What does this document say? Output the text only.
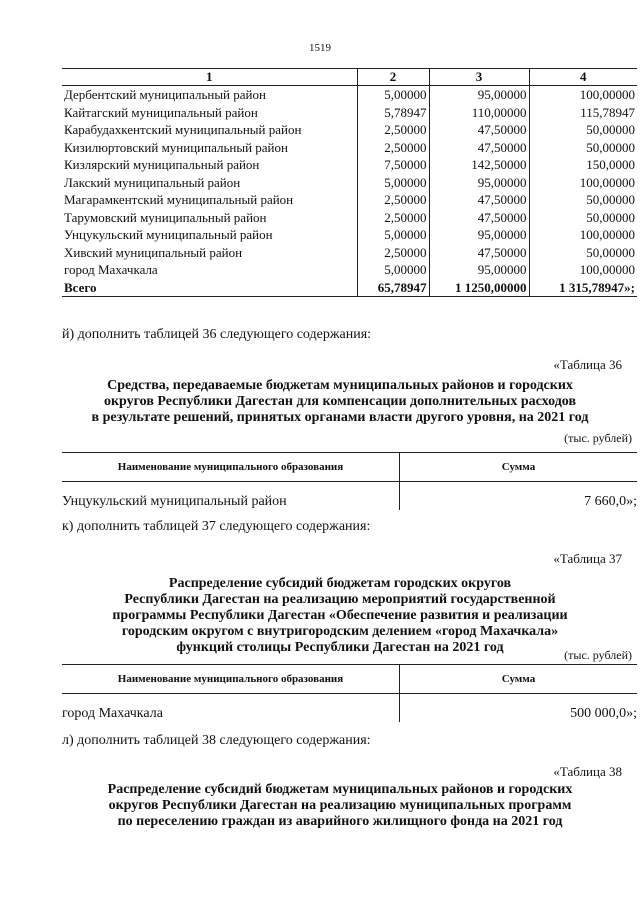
1519
1	2	3	4
Дербентский муниципальный район	5,00000	95,00000	100,00000
Кайтагский муниципальный район	5,78947	110,00000	115,78947
Карабудахкентский муниципальный район	2,50000	47,50000	50,00000
Кизилюртовский муниципальный район	2,50000	47,50000	50,00000
Кизлярский муниципальный район	7,50000	142,50000	150,0000
Лакский муниципальный район	5,00000	95,00000	100,00000
Магарамкентский муниципальный район	2,50000	47,50000	50,00000
Тарумовский муниципальный район	2,50000	47,50000	50,00000
Унцукульский муниципальный район	5,00000	95,00000	100,00000
Хивский муниципальный район	2,50000	47,50000	50,00000
город Махачкала	5,00000	95,00000	100,00000
Всего	65,78947	1 1250,00000	1 315,78947»;
й) дополнить таблицей 36 следующего содержания:
«Таблица 36
Средства, передаваемые бюджетам муниципальных районов и городских
округов Республики Дагестан для компенсации дополнительных расходов
в результате решений, принятых органами власти другого уровня, на 2021 год
(тыс. рублей)
Наименование муниципального образования	Сумма
Унцукульский муниципальный район	7 660,0»;
к) дополнить таблицей 37 следующего содержания:
«Таблица 37
Распределение субсидий бюджетам городских округов
Республики Дагестан на реализацию мероприятий государственной
программы Республики Дагестан «Обеспечение развития и реализации
городским округом с внутригородским делением «город Махачкала»
функций столицы Республики Дагестан на 2021 год	(тыс. рублей)
Наименование муниципального образования	Сумма
город Махачкала	500 000,0»;
л) дополнить таблицей 38 следующего содержания:
«Таблица 38
Распределение субсидий бюджетам муниципальных районов и городских
округов Республики Дагестан на реализацию муниципальных программ
по переселению граждан из аварийного жилищного фонда на 2021 год
